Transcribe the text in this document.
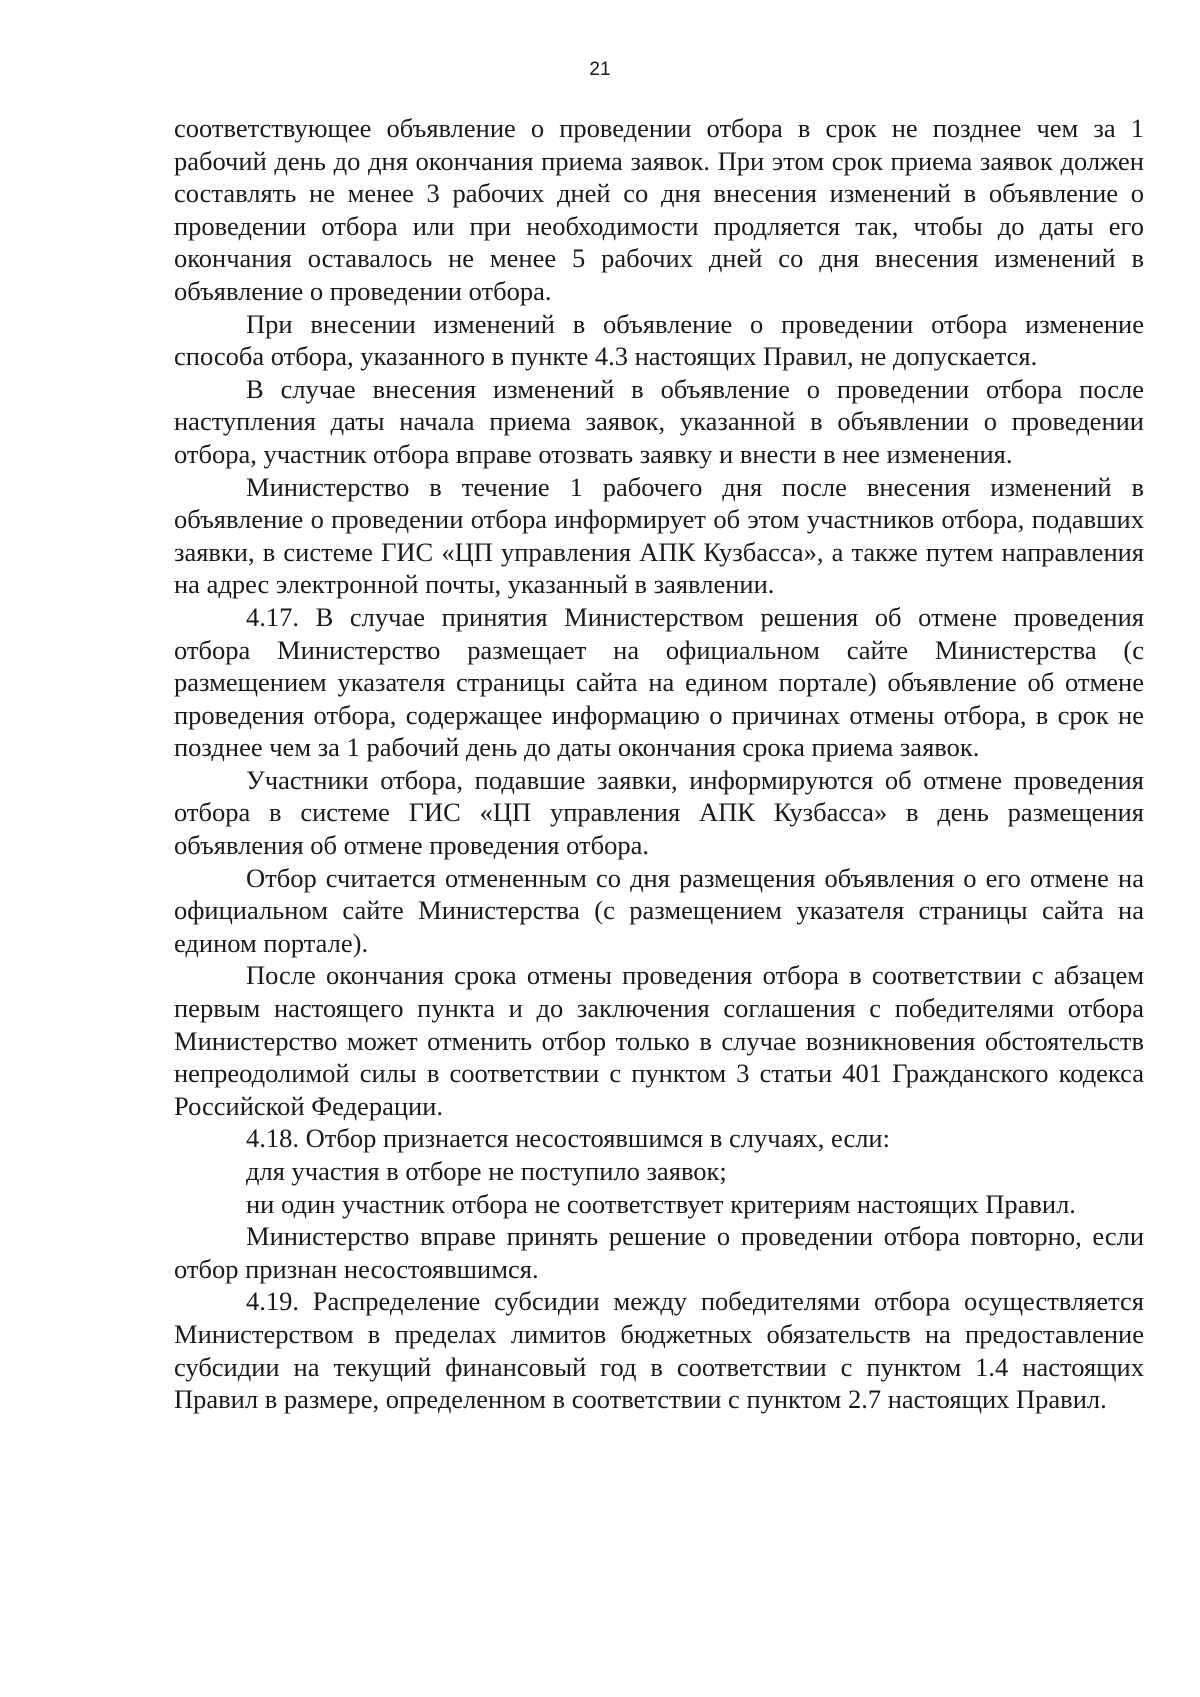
21

соответствующее объявление о проведении отбора в срок не позднее чем за 1 рабочий день до дня окончания приема заявок. При этом срок приема заявок должен составлять не менее 3 рабочих дней со дня внесения изменений в объявление о проведении отбора или при необходимости продляется так, чтобы до даты его окончания оставалось не менее 5 рабочих дней со дня внесения изменений в объявление о проведении отбора.

При внесении изменений в объявление о проведении отбора изменение способа отбора, указанного в пункте 4.3 настоящих Правил, не допускается.

В случае внесения изменений в объявление о проведении отбора после наступления даты начала приема заявок, указанной в объявлении о проведении отбора, участник отбора вправе отозвать заявку и внести в нее изменения.

Министерство в течение 1 рабочего дня после внесения изменений в объявление о проведении отбора информирует об этом участников отбора, подавших заявки, в системе ГИС «ЦП управления АПК Кузбасса», а также путем направления на адрес электронной почты, указанный в заявлении.

4.17. В случае принятия Министерством решения об отмене проведения отбора Министерство размещает на официальном сайте Министерства (с размещением указателя страницы сайта на едином портале) объявление об отмене проведения отбора, содержащее информацию о причинах отмены отбора, в срок не позднее чем за 1 рабочий день до даты окончания срока приема заявок.

Участники отбора, подавшие заявки, информируются об отмене проведения отбора в системе ГИС «ЦП управления АПК Кузбасса» в день размещения объявления об отмене проведения отбора.

Отбор считается отмененным со дня размещения объявления о его отмене на официальном сайте Министерства (с размещением указателя страницы сайта на едином портале).

После окончания срока отмены проведения отбора в соответствии с абзацем первым настоящего пункта и до заключения соглашения с победителями отбора Министерство может отменить отбор только в случае возникновения обстоятельств непреодолимой силы в соответствии с пунктом 3 статьи 401 Гражданского кодекса Российской Федерации.

4.18. Отбор признается несостоявшимся в случаях, если:

для участия в отборе не поступило заявок;

ни один участник отбора не соответствует критериям настоящих Правил.

Министерство вправе принять решение о проведении отбора повторно, если отбор признан несостоявшимся.

4.19. Распределение субсидии между победителями отбора осуществляется Министерством в пределах лимитов бюджетных обязательств на предоставление субсидии на текущий финансовый год в соответствии с пунктом 1.4 настоящих Правил в размере, определенном в соответствии с пунктом 2.7 настоящих Правил.
